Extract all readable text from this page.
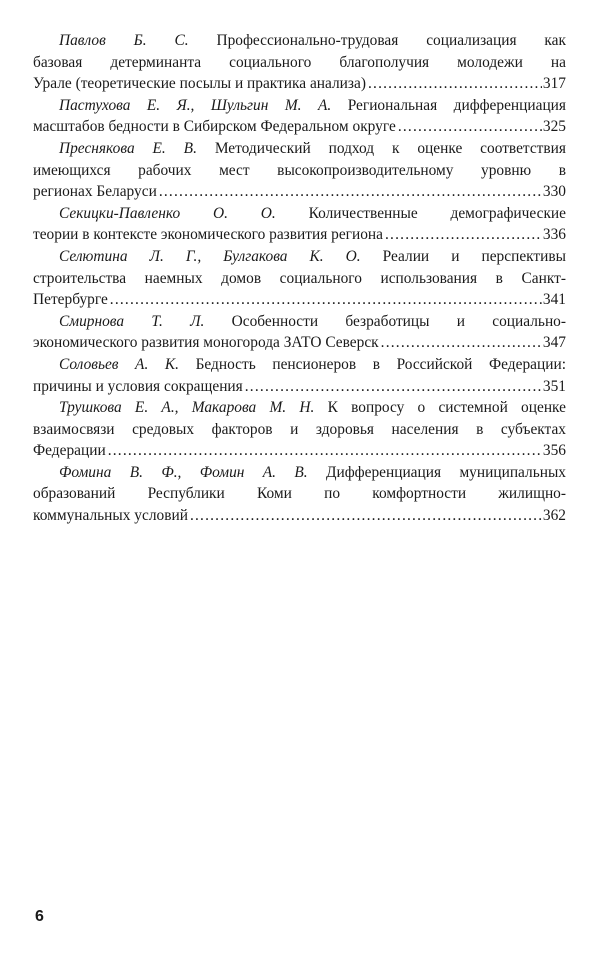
Павлов Б. С. Профессионально-трудовая социализация как
базовая детерминанта социального благополучия молодежи на
Урале (теоретические посылы и практика анализа) .....	317
Пастухова Е. Я., Шульгин М. А. Региональная дифференциация
масштабов бедности в Сибирском Федеральном округе .....	325
Преснякова Е. В. Методический подход к оценке соответствия
имеющихся рабочих мест высокопроизводительному уровню в
регионах Беларуси .....	330
Секицки-Павленко О. О. Количественные демографические
теории в контексте экономического развития региона .....	336
Селютина Л. Г., Булгакова К. О. Реалии и перспективы
строительства наемных домов социального использования в Санкт-
Петербурге .....	341
Смирнова Т. Л. Особенности безработицы и социально-
экономического развития моногорода ЗАТО Северск .....	347
Соловьев А. К. Бедность пенсионеров в Российской Федерации:
причины и условия сокращения .....	351
Трушкова Е. А., Макарова М. Н. К вопросу о системной оценке
взаимосвязи средовых факторов и здоровья населения в субъектах
Федерации .....	356
Фомина В. Ф., Фомин А. В. Дифференциация муниципальных
образований Республики Коми по комфортности жилищно-
коммунальных условий .....	362
6
